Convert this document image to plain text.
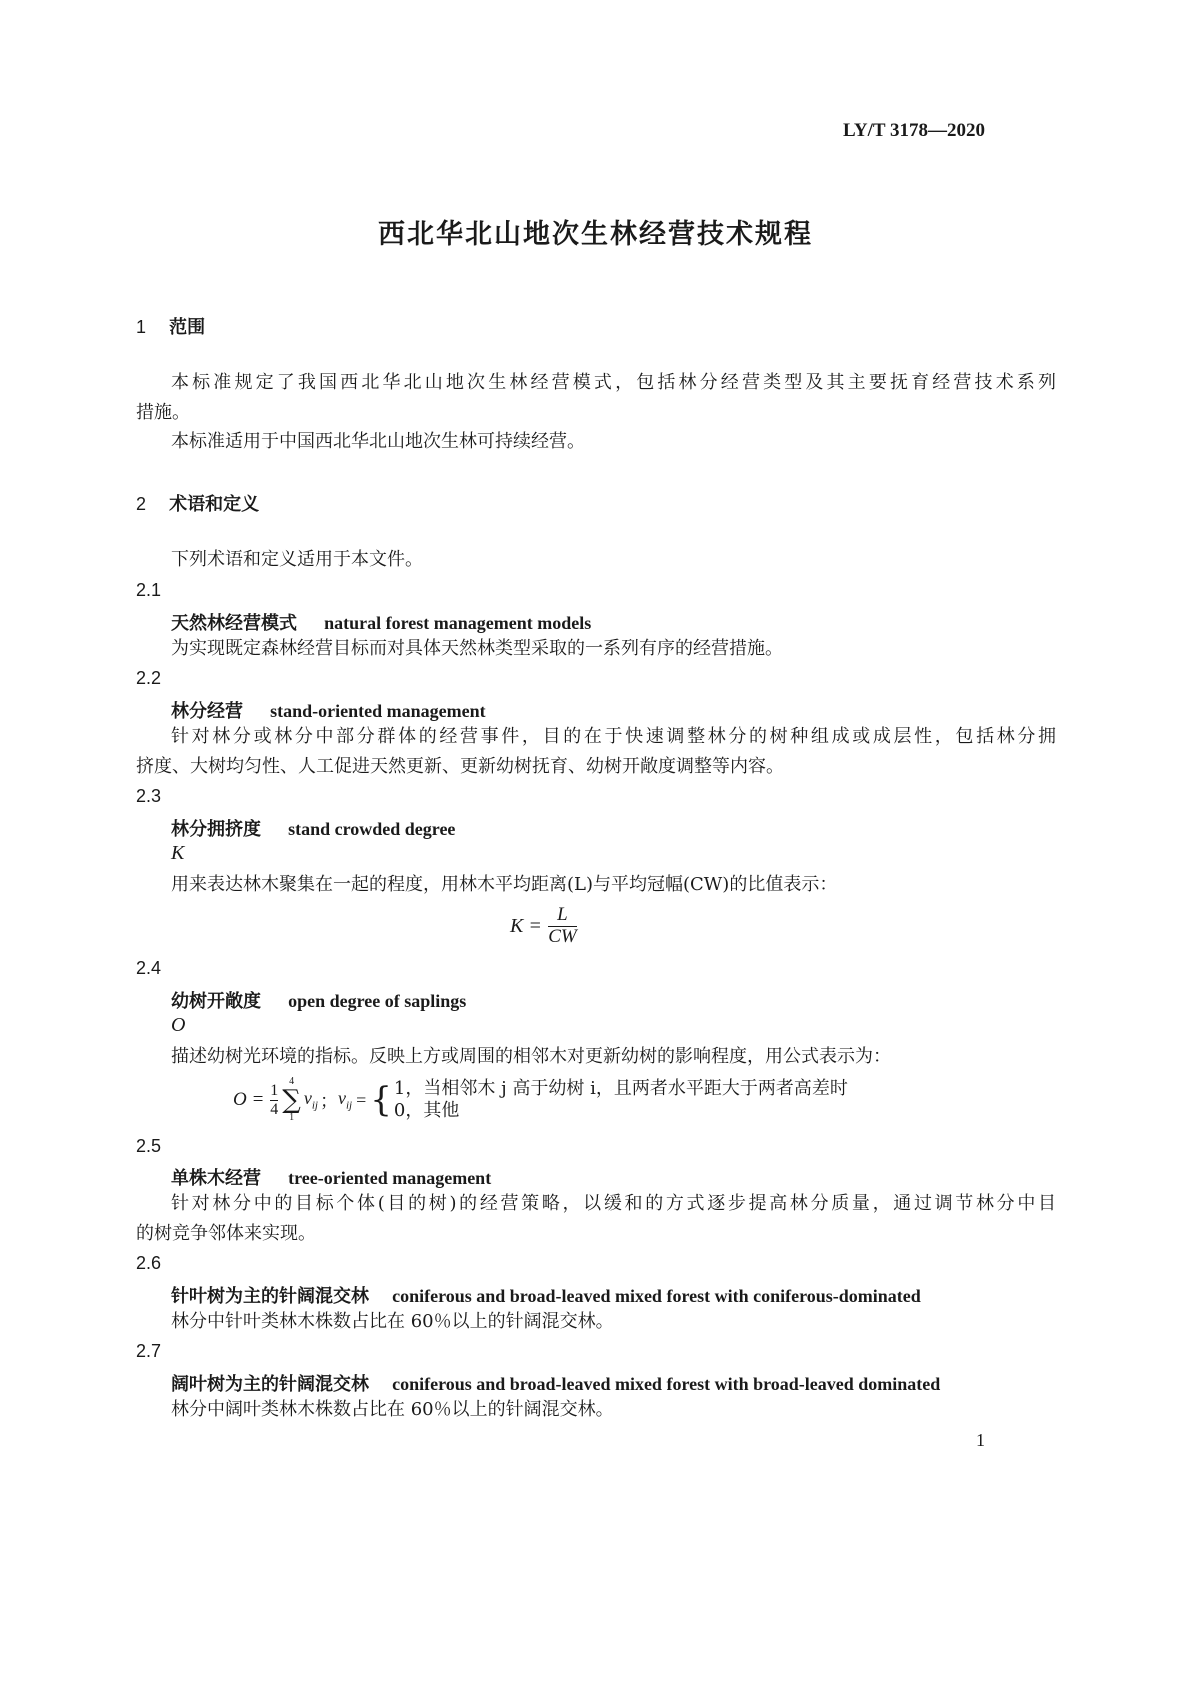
LY/T 3178—2020
西北华北山地次生林经营技术规程
1 范围
本标准规定了我国西北华北山地次生林经营模式，包括林分经营类型及其主要抚育经营技术系列
措施。
本标准适用于中国西北华北山地次生林可持续经营。
2 术语和定义
下列术语和定义适用于本文件。
2.1
天然林经营模式 natural forest management models
为实现既定森林经营目标而对具体天然林类型采取的一系列有序的经营措施。
2.2
林分经营 stand-oriented management
针对林分或林分中部分群体的经营事件，目的在于快速调整林分的树种组成或成层性，包括林分拥
挤度、大树均匀性、人工促进天然更新、更新幼树抚育、幼树开敞度调整等内容。
2.3
林分拥挤度 stand crowded degree
K
用来表达林木聚集在一起的程度，用林木平均距离(L)与平均冠幅(CW)的比值表示：
$K = \frac{L}{CW}$
2.4
幼树开敞度 open degree of saplings
O
描述幼树光环境的指标。反映上方或周围的相邻木对更新幼树的影响程度，用公式表示为：
$O = \frac{1}{4}$
4
∑
1
$v_{ij}$ ； $v_{ij}$ = { 1，当相邻木 j 高于幼树 i，且两者水平距大于两者高差时
0，其他
2.5
单株木经营 tree-oriented management
针对林分中的目标个体(目的树)的经营策略，以缓和的方式逐步提高林分质量，通过调节林分中目
的树竞争邻体来实现。
2.6
针叶树为主的针阔混交林 coniferous and broad-leaved mixed forest with coniferous-dominated
林分中针叶类林木株数占比在 60％以上的针阔混交林。
2.7
阔叶树为主的针阔混交林 coniferous and broad-leaved mixed forest with broad-leaved dominated
林分中阔叶类林木株数占比在 60％以上的针阔混交林。
1
